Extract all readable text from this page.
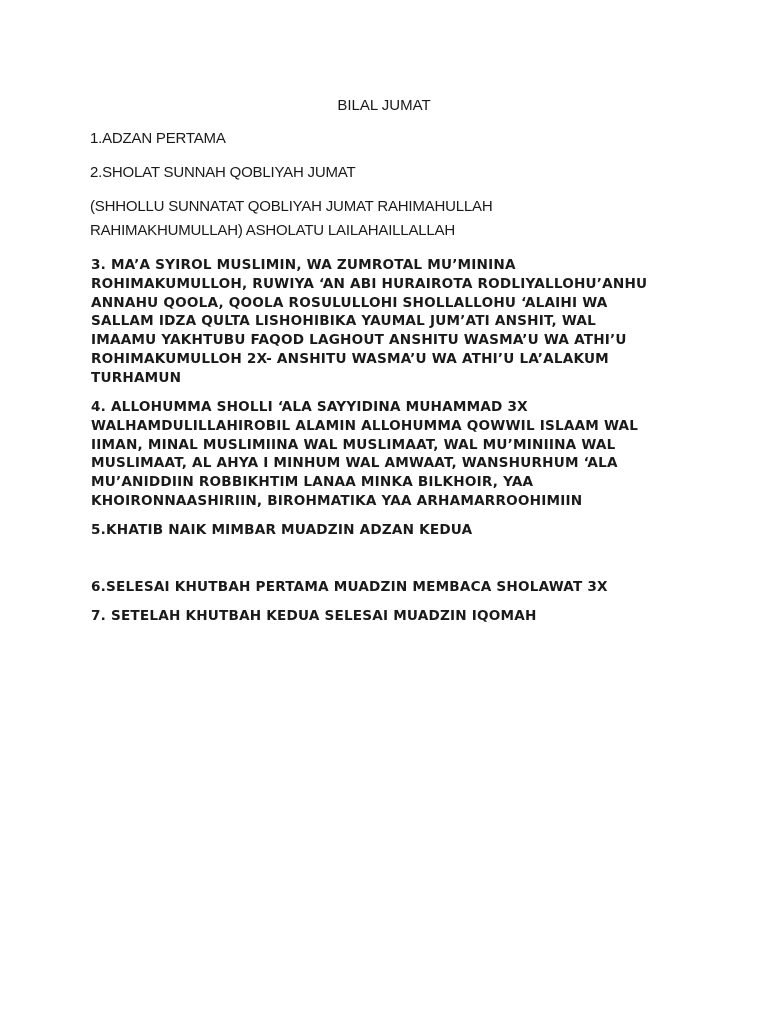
BILAL JUMAT
1.ADZAN PERTAMA
2.SHOLAT SUNNAH QOBLIYAH JUMAT
(SHHOLLU SUNNATAT QOBLIYAH JUMAT RAHIMAHULLAH
RAHIMAKHUMULLAH) ASHOLATU LAILAHAILLALLAH
3. MA’A SYIROL MUSLIMIN, WA ZUMROTAL MU’MININA
ROHIMAKUMULLOH, RUWIYA ‘AN ABI HURAIROTA RODLIYALLOHU’ANHU
ANNAHU QOOLA, QOOLA ROSULULLOHI SHOLLALLOHU ‘ALAIHI WA
SALLAM IDZA QULTA LISHOHIBIKA YAUMAL JUM’ATI ANSHIT, WAL
IMAAMU YAKHTUBU FAQOD LAGHOUT ANSHITU WASMA’U WA ATHI’U
ROHIMAKUMULLOH 2X- ANSHITU WASMA’U WA ATHI’U LA’ALAKUM
TURHAMUN
4. ALLOHUMMA SHOLLI ‘ALA SAYYIDINA MUHAMMAD 3X
WALHAMDULILLAHIROBIL ALAMIN ALLOHUMMA QOWWIL ISLAAM WAL
IIMAN, MINAL MUSLIMIINA WAL MUSLIMAAT, WAL MU’MINIINA WAL
MUSLIMAAT, AL AHYA I MINHUM WAL AMWAAT, WANSHURHUM ‘ALA
MU’ANIDDIIN ROBBIKHTIM LANAA MINKA BILKHOIR, YAA
KHOIRONNAASHIRIIN, BIROHMATIKA YAA ARHAMARROOHIMIIN
5.KHATIB NAIK MIMBAR MUADZIN ADZAN KEDUA
6.SELESAI KHUTBAH PERTAMA MUADZIN MEMBACA SHOLAWAT 3X
7. SETELAH KHUTBAH KEDUA SELESAI MUADZIN IQOMAH
